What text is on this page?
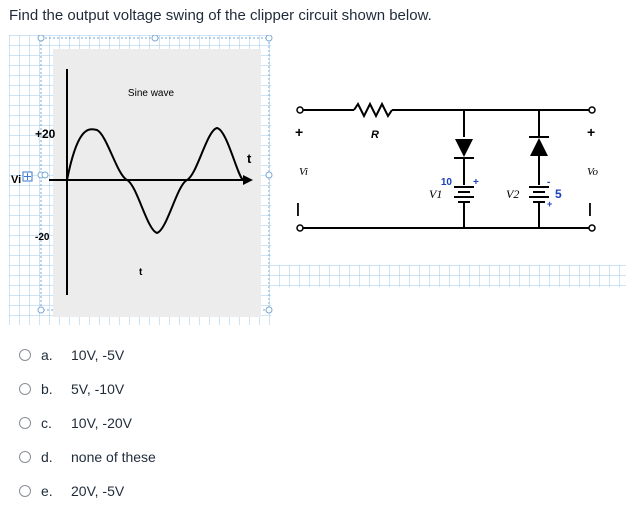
Find the output voltage swing of the clipper circuit shown below.
Sine wave
+20
-20
t
t
Vi
+
|
+
|
R
Vi	Vo
10 +
V1	5
-
+
V2
a.	10V, -5V
b.	5V, -10V
c.	10V, -20V
d.	none of these
e.	20V, -5V
